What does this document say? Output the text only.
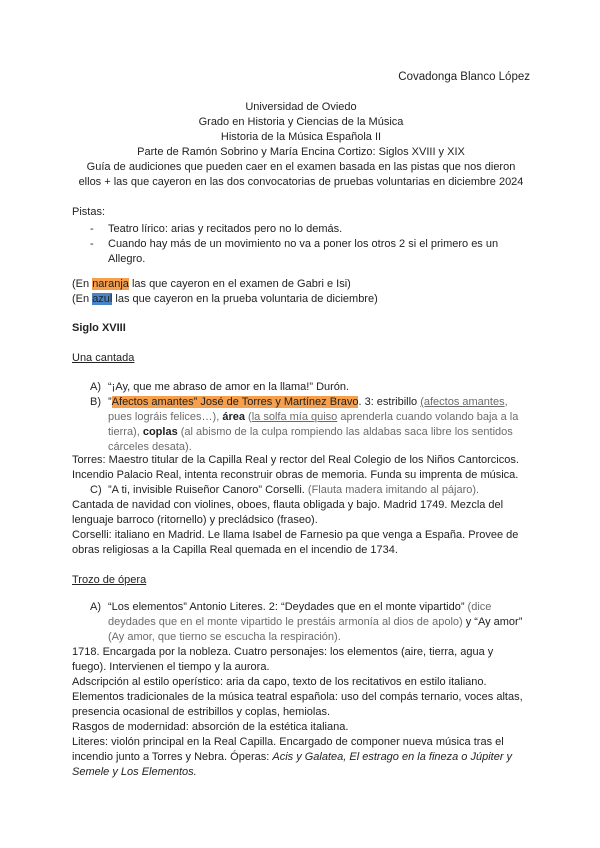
Covadonga Blanco López
Universidad de Oviedo
Grado en Historia y Ciencias de la Música
Historia de la Música Española II
Parte de Ramón Sobrino y María Encina Cortizo: Siglos XVIII y XIX
Guía de audiciones que pueden caer en el examen basada en las pistas que nos dieron
ellos + las que cayeron en las dos convocatorias de pruebas voluntarias en diciembre 2024
Pistas:
- Teatro lírico: arias y recitados pero no lo demás.
- Cuando hay más de un movimiento no va a poner los otros 2 si el primero es un Allegro.
(En naranja las que cayeron en el examen de Gabri e Isi)
(En azul las que cayeron en la prueba voluntaria de diciembre)
Siglo XVIII
Una cantada
A) “¡Ay, que me abraso de amor en la llama!” Durón.
B) ”Afectos amantes” José de Torres y Martínez Bravo. 3: estribillo (afectos amantes, pues lográis felices…), área (la solfa mía quiso aprenderla cuando volando baja a la tierra), coplas (al abismo de la culpa rompiendo las aldabas saca libre los sentidos cárceles desata).
Torres: Maestro titular de la Capilla Real y rector del Real Colegio de los Niños Cantorcicos. Incendio Palacio Real, intenta reconstruir obras de memoria. Funda su imprenta de música.
C) ”A ti, invisible Ruiseñor Canoro” Corselli. (Flauta madera imitando al pájaro).
Cantada de navidad con violines, oboes, flauta obligada y bajo. Madrid 1749. Mezcla del lenguaje barroco (ritornello) y precládsico (fraseo).
Corselli: italiano en Madrid. Le llama Isabel de Farnesio pa que venga a España. Provee de obras religiosas a la Capilla Real quemada en el incendio de 1734.
Trozo de ópera
A) “Los elementos” Antonio Literes. 2: “Deydades que en el monte vipartido” (dice deydades que en el monte vipartido le prestáis armonía al dios de apolo) y “Ay amor” (Ay amor, que tierno se escucha la respiración).
1718. Encargada por la nobleza. Cuatro personajes: los elementos (aire, tierra, agua y fuego). Intervienen el tiempo y la aurora.
Adscripción al estilo operístico: aria da capo, texto de los recitativos en estilo italiano.
Elementos tradicionales de la música teatral española: uso del compás ternario, voces altas, presencia ocasional de estribillos y coplas, hemiolas.
Rasgos de modernidad: absorción de la estética italiana.
Literes: violón principal en la Real Capilla. Encargado de componer nueva música tras el incendio junto a Torres y Nebra. Óperas: Acis y Galatea, El estrago en la fineza o Júpiter y Semele y Los Elementos.
